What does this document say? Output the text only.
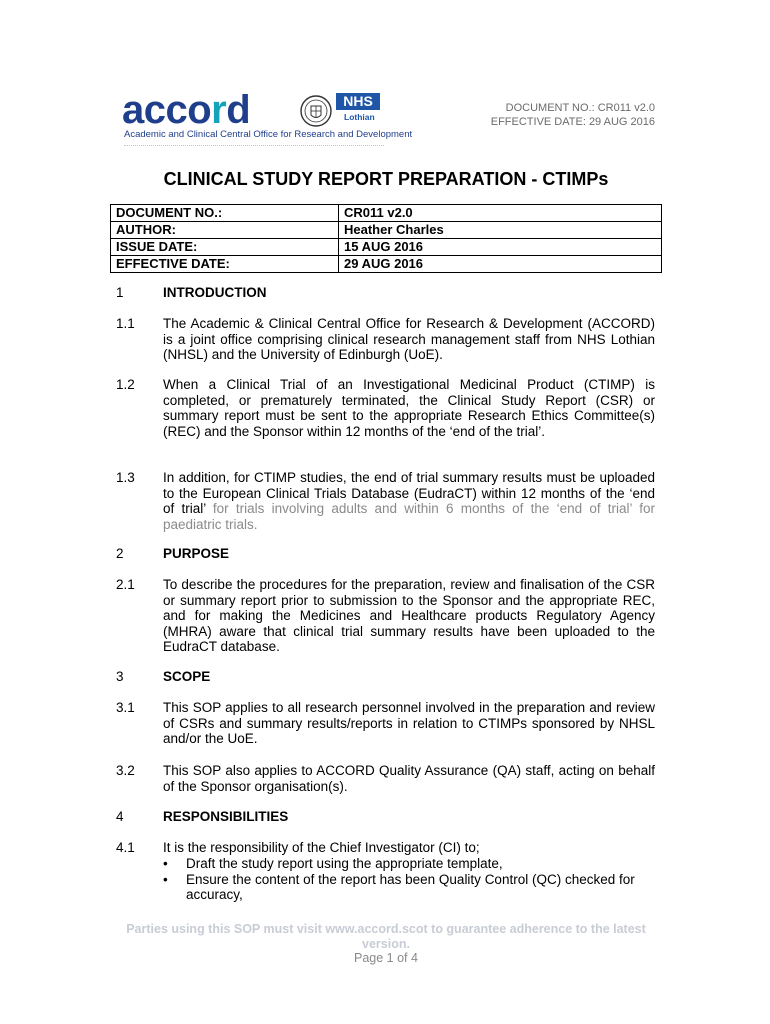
accord
Academic and Clinical Central Office for Research and Development
NHS
Lothian
DOCUMENT NO.: CR011 v2.0
EFFECTIVE DATE: 29 AUG 2016
CLINICAL STUDY REPORT PREPARATION - CTIMPs
DOCUMENT NO.:	CR011 v2.0
AUTHOR:	Heather Charles
ISSUE DATE:	15 AUG 2016
EFFECTIVE DATE:	29 AUG 2016
1	INTRODUCTION
1.1 The Academic & Clinical Central Office for Research & Development (ACCORD) is a joint office comprising clinical research management staff from NHS Lothian (NHSL) and the University of Edinburgh (UoE).
1.2 When a Clinical Trial of an Investigational Medicinal Product (CTIMP) is completed, or prematurely terminated, the Clinical Study Report (CSR) or summary report must be sent to the appropriate Research Ethics Committee(s) (REC) and the Sponsor within 12 months of the ‘end of the trial’.
1.3 In addition, for CTIMP studies, the end of trial summary results must be uploaded to the European Clinical Trials Database (EudraCT) within 12 months of the ‘end of trial’ for trials involving adults and within 6 months of the ‘end of trial’ for paediatric trials.
2	PURPOSE
2.1 To describe the procedures for the preparation, review and finalisation of the CSR or summary report prior to submission to the Sponsor and the appropriate REC, and for making the Medicines and Healthcare products Regulatory Agency (MHRA) aware that clinical trial summary results have been uploaded to the EudraCT database.
3	SCOPE
3.1 This SOP applies to all research personnel involved in the preparation and review of CSRs and summary results/reports in relation to CTIMPs sponsored by NHSL and/or the UoE.
3.2 This SOP also applies to ACCORD Quality Assurance (QA) staff, acting on behalf of the Sponsor organisation(s).
4	RESPONSIBILITIES
4.1 It is the responsibility of the Chief Investigator (CI) to;
• Draft the study report using the appropriate template,
• Ensure the content of the report has been Quality Control (QC) checked for accuracy,
Parties using this SOP must visit www.accord.scot to guarantee adherence to the latest version.
Page 1 of 4
